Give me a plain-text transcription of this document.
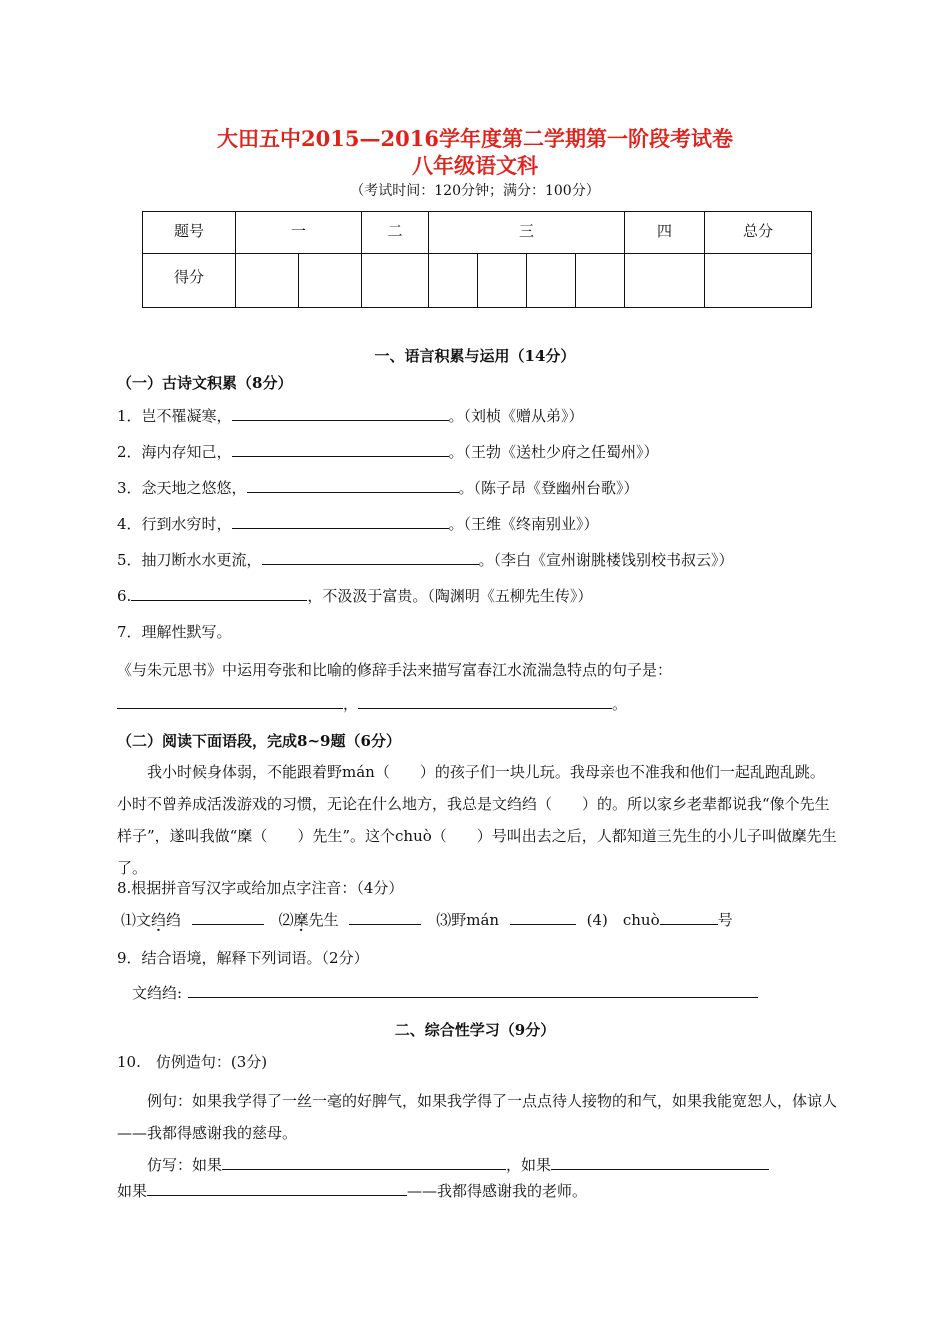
大田五中2015—2016学年度第二学期第一阶段考试卷
八年级语文科
（考试时间：120分钟；满分：100分）
题号	一		二	三				四	总分
得分									
一、语言积累与运用（14分）
（一）古诗文积累（8分）
1．岂不罹凝寒，	。（刘桢《赠从弟》）
2．海内存知己，	。（王勃《送杜少府之任蜀州》）
3．念天地之悠悠，	。（陈子昂《登幽州台歌》）
4．行到水穷时，	。（王维《终南别业》）
5．抽刀断水水更流，	。（李白《宣州谢朓楼饯别校书叔云》）
6.	，不汲汲于富贵。（陶渊明《五柳先生传》）
7．理解性默写。
《与朱元思书》中运用夸张和比喻的修辞手法来描写富春江水流湍急特点的句子是：
，	。
（二）阅读下面语段，完成8~9题（6分）
我小时候身体弱，不能跟着野mán（　　）的孩子们一块儿玩。我母亲也不准我和他们一起乱跑乱跳。小时不曾养成活泼游戏的习惯，无论在什么地方，我总是文绉绉（　　）的。所以家乡老辈都说我“像个先生样子”，遂叫我做“穈（　　）先生”。这个chuò（　　）号叫出去之后，人都知道三先生的小儿子叫做穈先生了。
8.根据拼音写汉字或给加点字注音：（4分）
⑴文绉绉	⑵穈先生	⑶野mán	(4)　chuò	号
9．结合语境，解释下列词语。（2分）
文绉绉:
二、综合性学习（9分）
10.　仿例造句：(3分)
例句：如果我学得了一丝一毫的好脾气，如果我学得了一点点待人接物的和气，如果我能宽恕人，体谅人——我都得感谢我的慈母。
仿写：如果	，如果
如果	——我都得感谢我的老师。
